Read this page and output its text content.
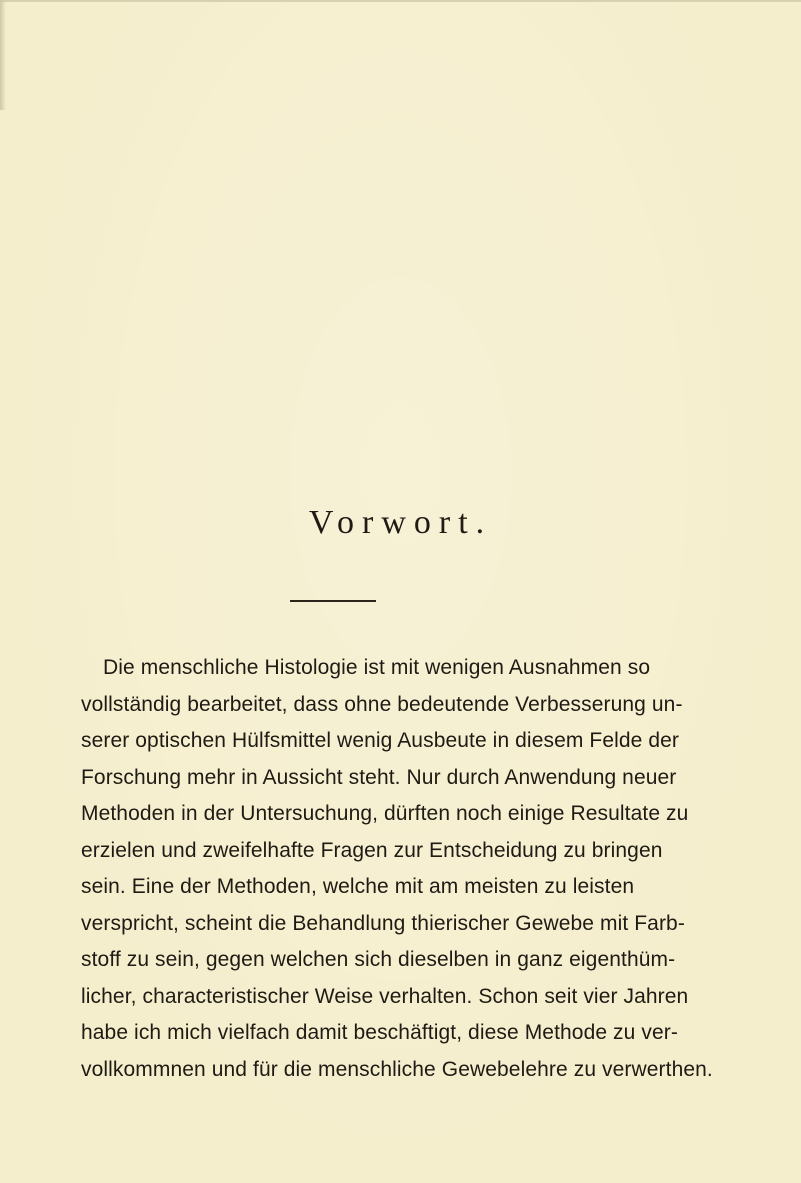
Vorwort.
Die menschliche Histologie ist mit wenigen Ausnahmen so
vollständig bearbeitet, dass ohne bedeutende Verbesserung un-
serer optischen Hülfsmittel wenig Ausbeute in diesem Felde der
Forschung mehr in Aussicht steht. Nur durch Anwendung neuer
Methoden in der Untersuchung, dürften noch einige Resultate zu
erzielen und zweifelhafte Fragen zur Entscheidung zu bringen
sein. Eine der Methoden, welche mit am meisten zu leisten
verspricht, scheint die Behandlung thierischer Gewebe mit Farb-
stoff zu sein, gegen welchen sich dieselben in ganz eigenthüm-
licher, characteristischer Weise verhalten. Schon seit vier Jahren
habe ich mich vielfach damit beschäftigt, diese Methode zu ver-
vollkommnen und für die menschliche Gewebelehre zu verwerthen.
